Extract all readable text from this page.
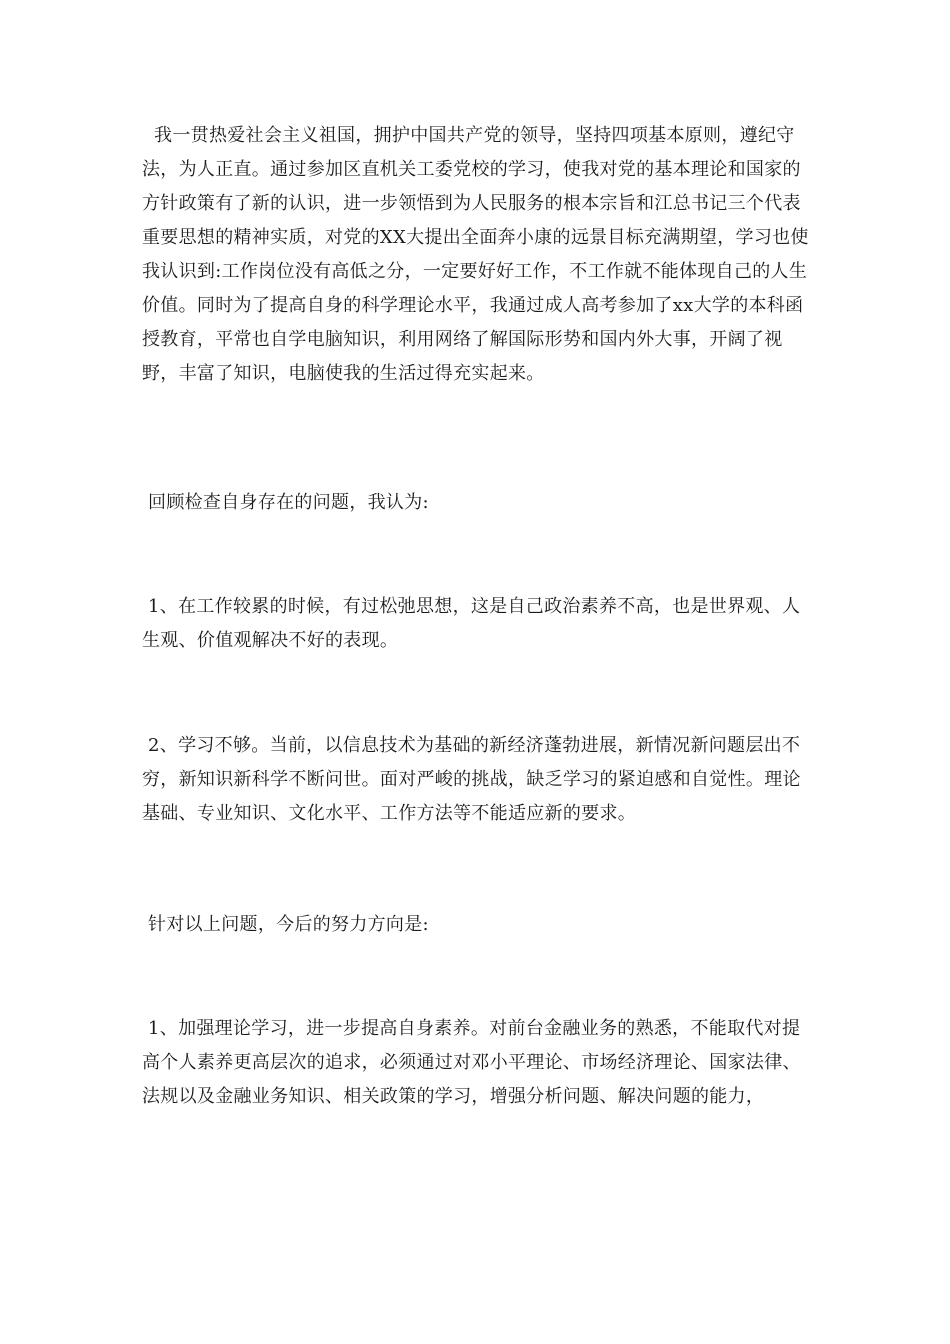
我一贯热爱社会主义祖国，拥护中国共产党的领导，坚持四项基本原则，遵纪守法，为人正直。通过参加区直机关工委党校的学习，使我对党的基本理论和国家的方针政策有了新的认识，进一步领悟到为人民服务的根本宗旨和江总书记三个代表重要思想的精神实质，对党的XX大提出全面奔小康的远景目标充满期望，学习也使我认识到:工作岗位没有高低之分，一定要好好工作，不工作就不能体现自己的人生价值。同时为了提高自身的科学理论水平，我通过成人高考参加了xx大学的本科函授教育，平常也自学电脑知识，利用网络了解国际形势和国内外大事，开阔了视野，丰富了知识，电脑使我的生活过得充实起来。

回顾检查自身存在的问题，我认为:

1、在工作较累的时候，有过松弛思想，这是自己政治素养不高，也是世界观、人生观、价值观解决不好的表现。

2、学习不够。当前，以信息技术为基础的新经济蓬勃进展，新情况新问题层出不穷，新知识新科学不断问世。面对严峻的挑战，缺乏学习的紧迫感和自觉性。理论基础、专业知识、文化水平、工作方法等不能适应新的要求。

针对以上问题，今后的努力方向是:

1、加强理论学习，进一步提高自身素养。对前台金融业务的熟悉，不能取代对提高个人素养更高层次的追求，必须通过对邓小平理论、市场经济理论、国家法律、法规以及金融业务知识、相关政策的学习，增强分析问题、解决问题的能力，
